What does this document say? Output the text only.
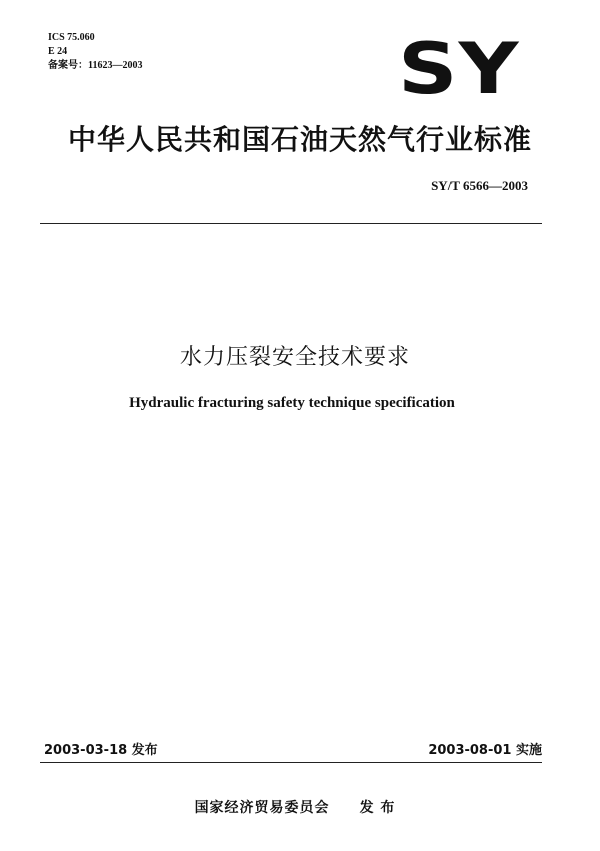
ICS 75.060
E 24
备案号：11623—2003	SY
中华人民共和国石油天然气行业标准
SY/T 6566—2003
水力压裂安全技术要求
Hydraulic fracturing safety technique specification
2003-03-18 发布	2003-08-01 实施
国家经济贸易委员会 发 布
